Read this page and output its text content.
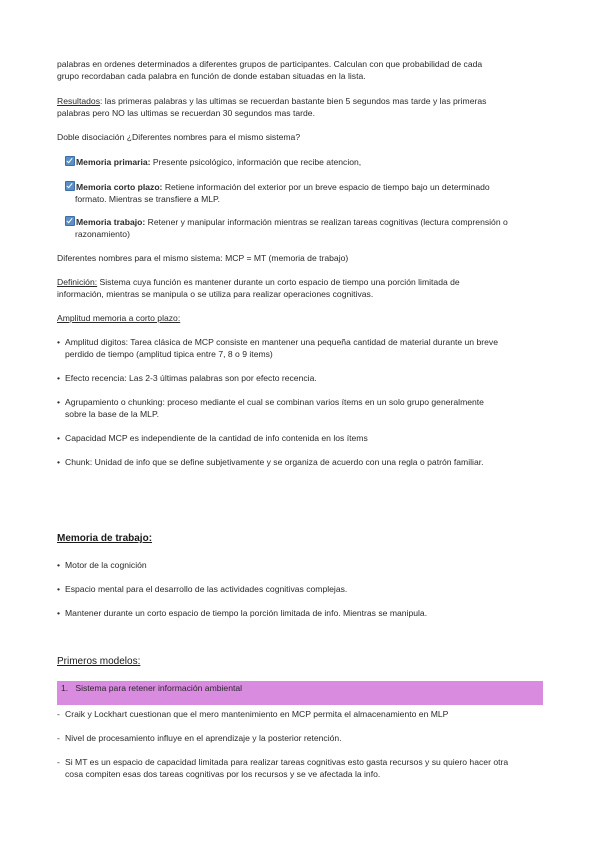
palabras en ordenes determinados a diferentes grupos de participantes. Calculan con que probabilidad de cada
grupo recordaban cada palabra en función de donde estaban situadas en la lista.
Resultados: las primeras palabras y las ultimas se recuerdan bastante bien 5 segundos mas tarde y las primeras
palabras pero NO las ultimas se recuerdan 30 segundos mas tarde.
Doble disociación ¿Diferentes nombres para el mismo sistema?
Memoria primaria: Presente psicológico, información que recibe atencion,
Memoria corto plazo: Retiene información del exterior por un breve espacio de tiempo bajo un determinado
formato. Mientras se transfiere a MLP.
Memoria trabajo: Retener y manipular información mientras se realizan tareas cognitivas (lectura comprensión o
razonamiento)
Diferentes nombres para el mismo sistema: MCP = MT (memoria de trabajo)
Definición: Sistema cuya función es mantener durante un corto espacio de tiempo una porción limitada de
información, mientras se manipula o se utiliza para realizar operaciones cognitivas.
Amplitud memoria a corto plazo:
• Amplitud digitos: Tarea clásica de MCP consiste en mantener una pequeña cantidad de material durante un breve
perdido de tiempo (amplitud tipica entre 7, 8 o 9 items)
• Efecto recencia: Las 2-3 últimas palabras son por efecto recencia.
• Agrupamiento o chunking: proceso mediante el cual se combinan varios ítems en un solo grupo generalmente
sobre la base de la MLP.
• Capacidad MCP es independiente de la cantidad de info contenida en los ítems
• Chunk: Unidad de info que se define subjetivamente y se organiza de acuerdo con una regla o patrón familiar.
Memoria de trabajo:
• Motor de la cognición
• Espacio mental para el desarrollo de las actividades cognitivas complejas.
• Mantener durante un corto espacio de tiempo la porción limitada de info. Mientras se manipula.
Primeros modelos:
1. Sistema para retener información ambiental
- Craik y Lockhart cuestionan que el mero mantenimiento en MCP permita el almacenamiento en MLP
- Nivel de procesamiento influye en el aprendizaje y la posterior retención.
- Si MT es un espacio de capacidad limitada para realizar tareas cognitivas esto gasta recursos y su quiero hacer otra
cosa compiten esas dos tareas cognitivas por los recursos y se ve afectada la info.
